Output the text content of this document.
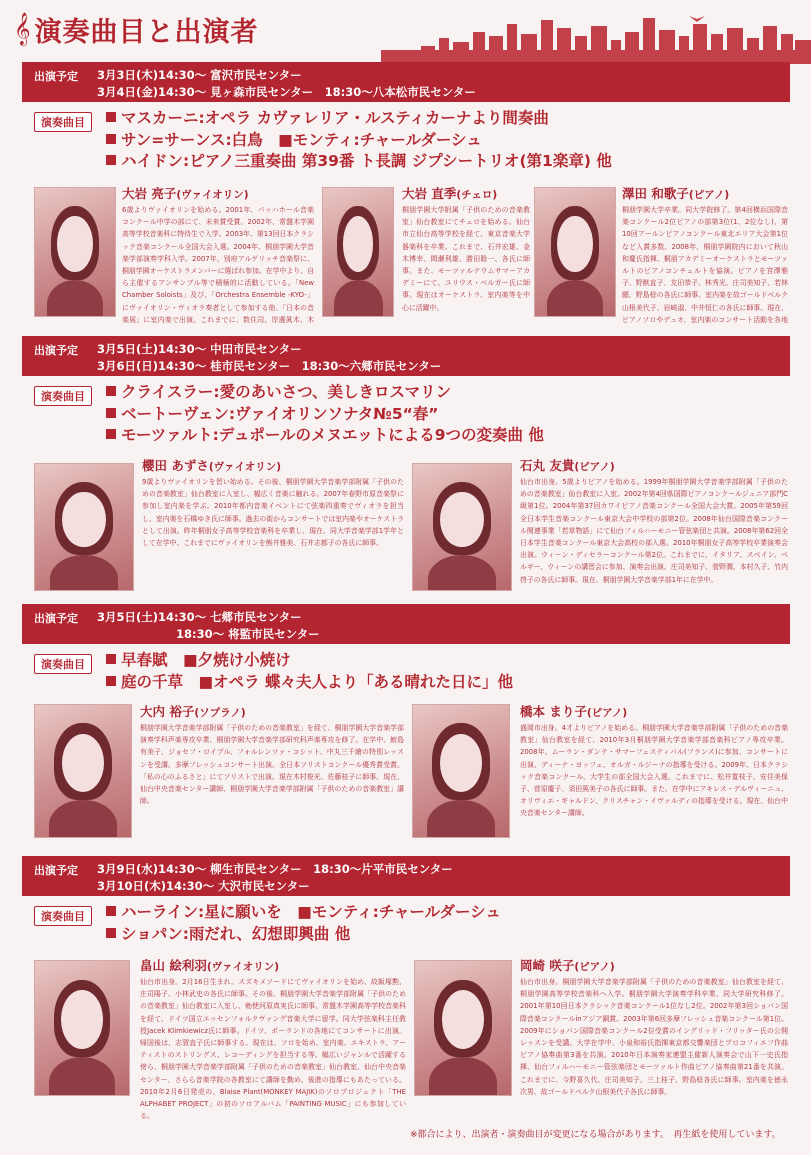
𝄞 演奏曲目と出演者
出演予定 3月3日(木)14:30～ 富沢市民センター
3月4日(金)14:30～ 見ヶ森市民センター　18:30～八本松市民センター
演奏曲目	マスカーニ:オペラ カヴァレリア・ルスティカーナより間奏曲
サン=サーンス:白鳥　■モンティ:チャールダーシュ
ハイドン:ピアノ三重奏曲 第39番 ト長調 ジプシートリオ(第1楽章) 他
大岩 亮子(ヴァイオリン)
6歳よりヴァイオリンを始める。2001年、パッハホール音楽コンクール中学の部にて、未来賞受賞。2002年、常盤木学園高等学校音楽科に特待生で入学。2003年、第13回日本クラシック音楽コンクール全国大会入選。2004年、桐朋学園大学音楽学部演奏学科入学。2007年、別府アルゲリッチ音楽祭に、桐朋学園オーケストラメンバーに選ばれ参加。在学中より、自ら主催するアンサンブル等で積極的に活動している。「New Chamber Soloists」及び、「Orchestra Ensemble -KYO-」にヴァイオリン・ヴィオラ奏者として参加する他、「日本の音楽展」に室内楽で出演。これまでに、数住司、岸邊眞木、木
大岩 直季(チェロ)
桐朋学園大学附属「子供のための音楽教室」仙台教室にてチェロを始める。仙台市立仙台高等学校を経て、東京音楽大学器楽科を卒業。これまで、石井宏雄、金木博幸、間瀬利雄、勝田聡一、各氏に師事。また、モーツァルテウムサマーアカデミーにて、ユリウス・ベルガー氏に師事。現在はオーケストラ、室内楽等を中心に活躍中。
澤田 和歌子(ピアノ)
桐朋学園大学卒業。同大学院修了。第4回横浜国際音楽コンクール2位ピアノの部第3位(1、2位なし)、第10回アールンピアノコンクール東北エリア大会第1位など入賞多数。2008年、桐朋学園院内において秋山和慶氏指揮、桐朋アカデミーオーケストラとモーツァルトのピアノコンチェルトを協演。ピアノを宮澤雅子、野獣直子、友田恭子、林秀光、庄司美知子、若林顯、野島稔の各氏に師事。室内楽を故ゴールドベルク山根美代子、岩崎淑、中井恒仁の各氏に師事。現在、ピアノソロやデュオ、室内楽のコンサート活動を各地
出演予定 3月5日(土)14:30～ 中田市民センター
3月6日(日)14:30～ 桂市民センター　18:30～六郷市民センター
演奏曲目	クライスラー:愛のあいさつ、美しきロスマリン
ベートーヴェン:ヴァイオリンソナタ№5“春”
モーツァルト:デュポールのメヌエットによる9つの変奏曲 他
櫻田 あずさ(ヴァイオリン)
9歳よりヴァイオリンを習い始める。その後、桐朋学園大学音楽学部附属「子供のための音楽教室」仙台教室に入室し、幅広く音楽に触れる。2007年春野市原音楽祭に参加し室内楽を学ぶ。2010年都内音楽イベントにて弦楽四重奏でヴィオラを担当し、室内楽を石橋ゆき氏に師事。過去の街からコンサートでは室内楽やオーケストラとして出演。昨年桐朋女子高等学校音楽科を卒業し、現在、同大学音楽学部1学年として在学中。これまでにヴァイオリンを熊井雅美、石井志都子の各氏に師事。
石丸 友貴(ピアノ)
仙台市出身。5歳よりピアノを始める。1999年桐朋学園大学音楽学部附属「子供のための音楽教室」仙台教室に入室。2002年第4回県国際ピアノコンクールジュニア部門C級第1位。2004年第37回カワイピアノ音楽コンクール全国大会大賞。2005年第59回全日本学生音楽コンクール東京大会中学校の部第2位。2008年仙台国際音楽コンクール関連事業「若草物語」にて仙台フィルハーモニー管弦楽団と共演。2008年第62回全日本学生音楽コンクール東京大会高校の部入選。2010年桐朋女子高等学校卒業演奏会出演。ウィーン・ディセラーコンクール第2位。これまでに、イタリア、スペイン、ベルギー、ウィーンの講習会に参加、演奏会出演。庄司美知子、菅野潤、本村久子、竹内啓子の各氏に師事。現在、桐朋学園大学音楽学部1年に在学中。
出演予定 3月5日(土)14:30～ 七郷市民センター
18:30～ 将監市民センター
演奏曲目	早春賦　■夕焼け小焼け
庭の千草　■オペラ 蝶々夫人より「ある晴れた日に」他
大内 裕子(ソプラノ)
桐朋学園大学音楽学部附属「子供のための音楽教室」を経て、桐朋学園大学音楽学部演奏学科声楽専攻卒業、桐朋学園大学音楽学部研究科声楽専攻を修了。在学中、鮫島有美子、ジョセフ・ロイブル、フォルレンツァ・コシット、中丸三千繪の特別レッスンを受講。多摩フレッシュコンサート出演。全日本ソリストコンクール優秀賞受賞。「私の心のふるさと」にてソリストで出演。現在木村俊光、佐藤桂子に師事。現在、仙台中央音楽センター講師、桐朋学園大学音楽学部附属「子供のための音楽教室」講師。
橋本 まり子(ピアノ)
盛岡市出身。4才よりピアノを始める。桐朋学園大学音楽学部附属「子供のための音楽教室」仙台教室を経て、2010年3月桐朋学園大学音楽学部音楽科ピアノ専攻卒業。2008年、ムーラン・ダンテ・サマーフェスティバル(フランス)に参加、コンサートに出演、ディーナ・ヨッフェ、オルガ・ルジーナの指導を受ける。2009年、日本クラシック音楽コンクール、大学生の部全国大会入選。これまでに、松井寛枝子、安住美保子、菅原慶子、須田篤美子の各氏に師事。また、在学中にアキレス・デルヴィーニュ、オリヴィエ・ギャルドン、クリスチャン・イヴァルディの指導を受ける。現在、仙台中央音楽センター講師。
出演予定 3月9日(水)14:30～ 柳生市民センター　18:30～片平市民センター
3月10日(木)14:30～ 大沢市民センター
演奏曲目	ハーライン:星に願いを　■モンティ:チャールダーシュ
ショパン:雨だれ、幻想即興曲 他
畠山 絵利羽(ヴァイオリン)
仙台市出身。2月16日生まれ。スズキメソードにてヴァイオリンを始め、故飯塚勲、庄司陽子、小林武史の各氏に師事。その後、桐朋学園大学音楽学部附属「子供のための音楽教室」仙台教室に入室し、勅使河原真実氏に師事。常盤木学園高等学校音楽科を経て、ドイツ国立エッセンフォルクヴァング音楽大学に留学。同大学弦楽科主任教授Jacek Klimkiewicz氏に師事。ドイツ、ポーランドの各地にてコンサートに出演。帰国後は、志賀直子氏に師事する。現在は、ソロを始め、室内楽、エキストラ、アーティストのストリングス、レコーディングを担当する等、幅広いジャンルで活躍する傍ら、桐朋学園大学音楽学部附属「子供のための音楽教室」仙台教室、仙台中央音楽センター、さらら音楽学院の各教室にて講師を勤め、後進の指導にもあたっている。2010年2月6日発売の、Blaise Plant(MONKEY MAJIK)のソロプロジェクト「THE ALPHABET PROJECT」の初のソロアルバム「PAINTING MUSIC」にも参加している。
岡崎 咲子(ピアノ)
仙台市出身。桐朋学園大学音楽学部附属「子供のための音楽教室」仙台教室を経て、桐朋学園高等学校音楽科へ入学。桐朋学園大学演奏学科卒業、同大学研究科修了。2001年第10回日本クラシック音楽コンクール1位なし2位。2002年第3回ショパン国際音楽コンクールinアジア銅賞。2003年第6回多摩フレッシュ音楽コンクール第1位。2009年にショパン国際音楽コンクール2位受賞のイングリッド・フリッター氏の公開レッスンを受講。大学在学中、小泉和裕氏指揮東京都交響楽団とプロコフィエフ作曲ピアノ協奏曲第3番を共演。2010年日本演奏家連盟主催新人演奏会で山下一史氏指揮、仙台フィルハーモニー管弦楽団とモーツァルト作曲ピアノ協奏曲第21番を共演。これまでに、今野喜久代、庄司美知子、三上桂子、野島稔各氏に師事。室内楽を徳永次男、故ゴールドベルク山根美代子各氏に師事。
※都合により、出演者・演奏曲目が変更になる場合があります。　再生紙を使用しています。
